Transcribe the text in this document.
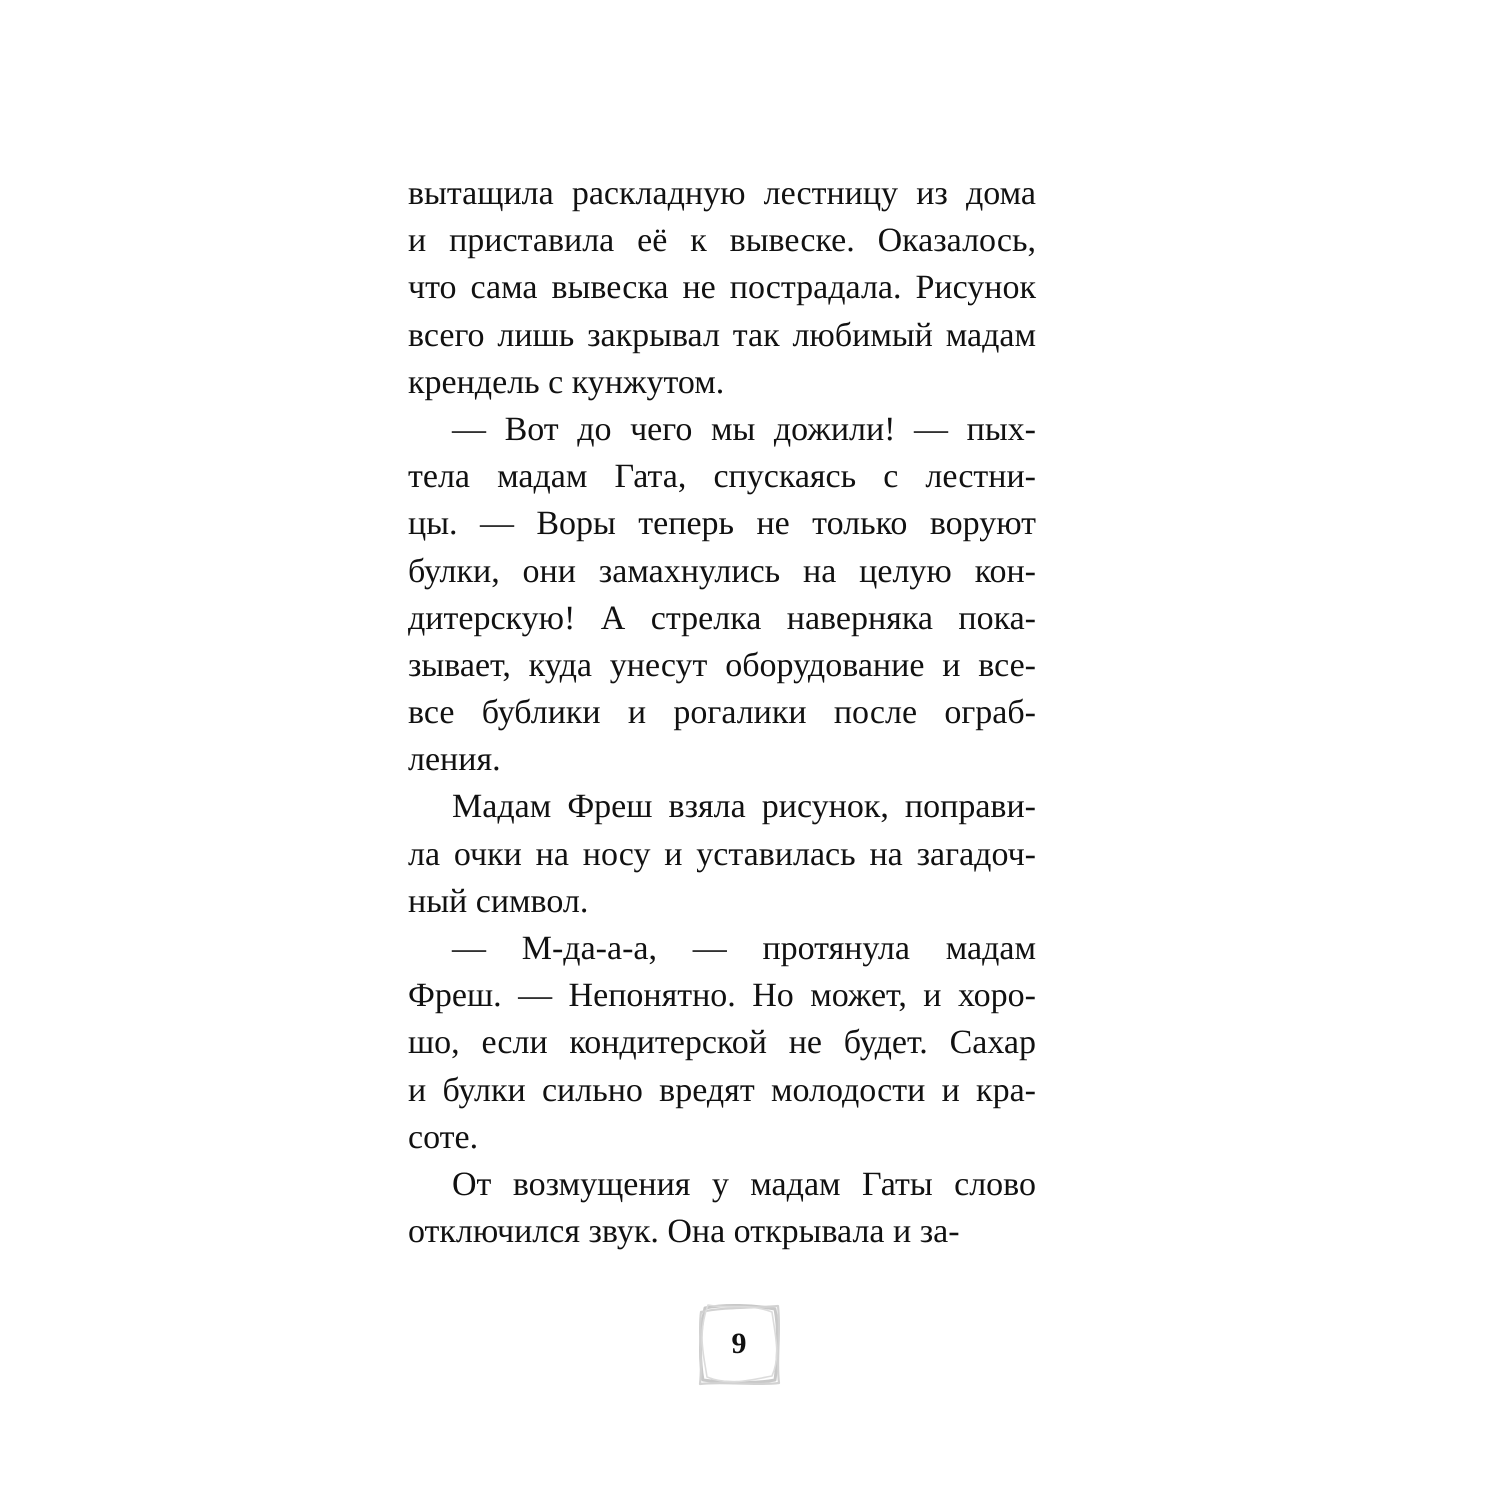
вытащила раскладную лестницу из дома
и приставила её к вывеске. Оказалось,
что сама вывеска не пострадала. Рисунок
всего лишь закрывал так любимый мадам
крендель с кунжутом.
— Вот до чего мы дожили! — пых-
тела мадам Гата, спускаясь с лестни-
цы. — Воры теперь не только воруют
булки, они замахнулись на целую кон-
дитерскую! А стрелка наверняка пока-
зывает, куда унесут оборудование и все-
все бублики и рогалики после ограб-
ления.
Мадам Фреш взяла рисунок, поправи-
ла очки на носу и уставилась на загадоч-
ный символ.
— М-да-а-а, — протянула мадам
Фреш. — Непонятно. Но может, и хоро-
шо, если кондитерской не будет. Сахар
и булки сильно вредят молодости и кра-
соте.
От возмущения у мадам Гаты слово
отключился звук. Она открывала и за-
9
